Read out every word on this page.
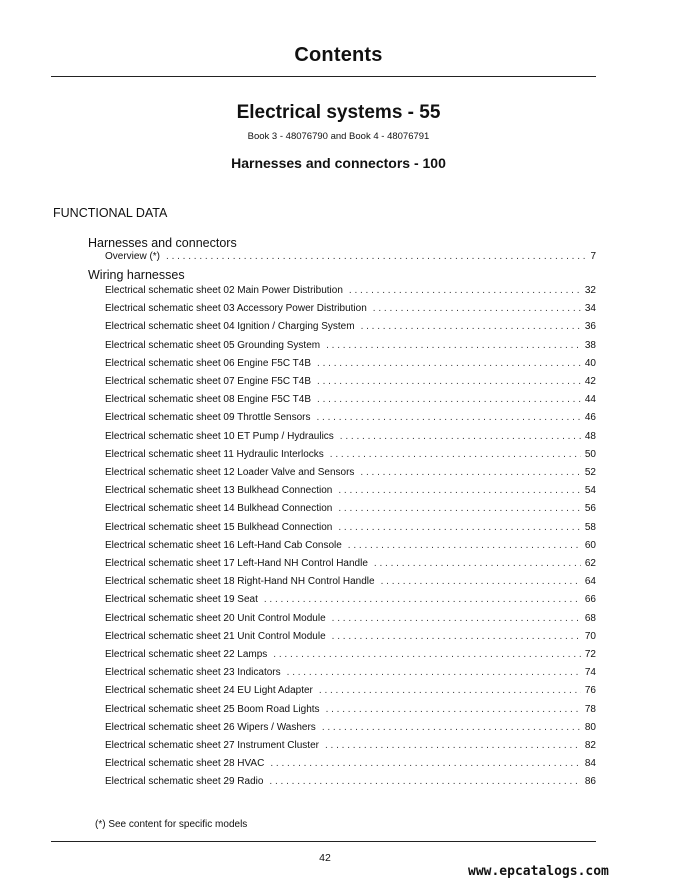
Contents
Electrical systems - 55
Book 3 - 48076790 and Book 4 - 48076791
Harnesses and connectors - 100
FUNCTIONAL DATA
Harnesses and connectors
Overview (*) . . .	7
Wiring harnesses
Electrical schematic sheet 02 Main Power Distribution . . .	32
Electrical schematic sheet 03 Accessory Power Distribution . . .	34
Electrical schematic sheet 04 Ignition / Charging System . . .	36
Electrical schematic sheet 05 Grounding System . . .	38
Electrical schematic sheet 06 Engine F5C T4B . . .	40
Electrical schematic sheet 07 Engine F5C T4B . . .	42
Electrical schematic sheet 08 Engine F5C T4B . . .	44
Electrical schematic sheet 09 Throttle Sensors . . .	46
Electrical schematic sheet 10 ET Pump / Hydraulics . . .	48
Electrical schematic sheet 11 Hydraulic Interlocks . . .	50
Electrical schematic sheet 12 Loader Valve and Sensors . . .	52
Electrical schematic sheet 13 Bulkhead Connection . . .	54
Electrical schematic sheet 14 Bulkhead Connection . . .	56
Electrical schematic sheet 15 Bulkhead Connection . . .	58
Electrical schematic sheet 16 Left-Hand Cab Console . . .	60
Electrical schematic sheet 17 Left-Hand NH Control Handle . . .	62
Electrical schematic sheet 18 Right-Hand NH Control Handle . . .	64
Electrical schematic sheet 19 Seat . . .	66
Electrical schematic sheet 20 Unit Control Module . . .	68
Electrical schematic sheet 21 Unit Control Module . . .	70
Electrical schematic sheet 22 Lamps . . .	72
Electrical schematic sheet 23 Indicators . . .	74
Electrical schematic sheet 24 EU Light Adapter . . .	76
Electrical schematic sheet 25 Boom Road Lights . . .	78
Electrical schematic sheet 26 Wipers / Washers . . .	80
Electrical schematic sheet 27 Instrument Cluster . . .	82
Electrical schematic sheet 28 HVAC . . .	84
Electrical schematic sheet 29 Radio . . .	86
(*) See content for specific models
42
www.epcatalogs.com
